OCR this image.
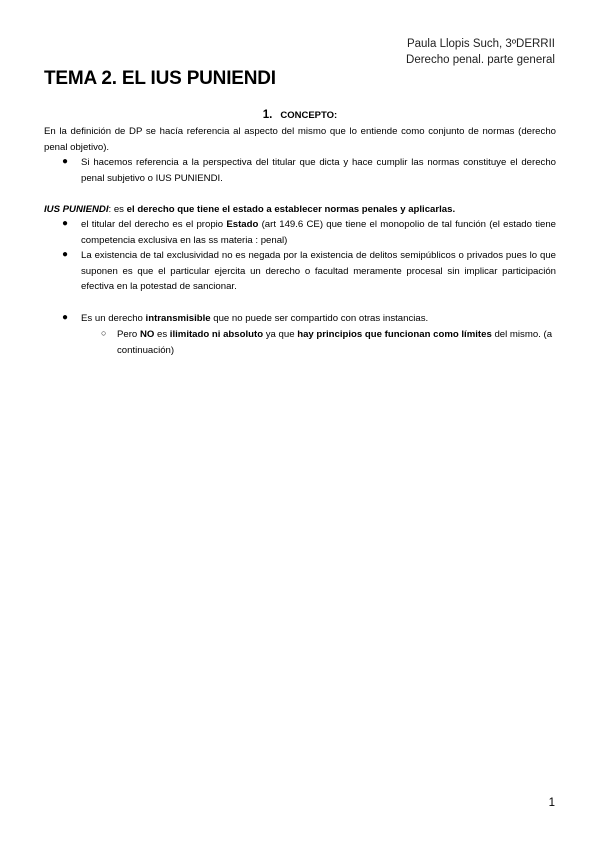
Paula Llopis Such, 3ºDERRII
Derecho penal. parte general
TEMA 2. EL IUS PUNIENDI
1. CONCEPTO:
En la definición de DP se hacía referencia al aspecto del mismo que lo entiende como conjunto de normas (derecho penal objetivo).
●	Si hacemos referencia a la perspectiva del titular que dicta y hace cumplir las normas constituye el derecho penal subjetivo o IUS PUNIENDI.
IUS PUNIENDI: es el derecho que tiene el estado a establecer normas penales y aplicarlas.
●	el titular del derecho es el propio Estado (art 149.6 CE) que tiene el monopolio de tal función (el estado tiene competencia exclusiva en las ss materia : penal)
●	La existencia de tal exclusividad no es negada por la existencia de delitos semipúblicos o privados pues lo que suponen es que el particular ejercita un derecho o facultad meramente procesal sin implicar participación efectiva en la potestad de sancionar.
●	Es un derecho intransmisible que no puede ser compartido con otras instancias.
○	Pero NO es ilimitado ni absoluto ya que hay principios que funcionan como límites del mismo. (a continuación)
1
